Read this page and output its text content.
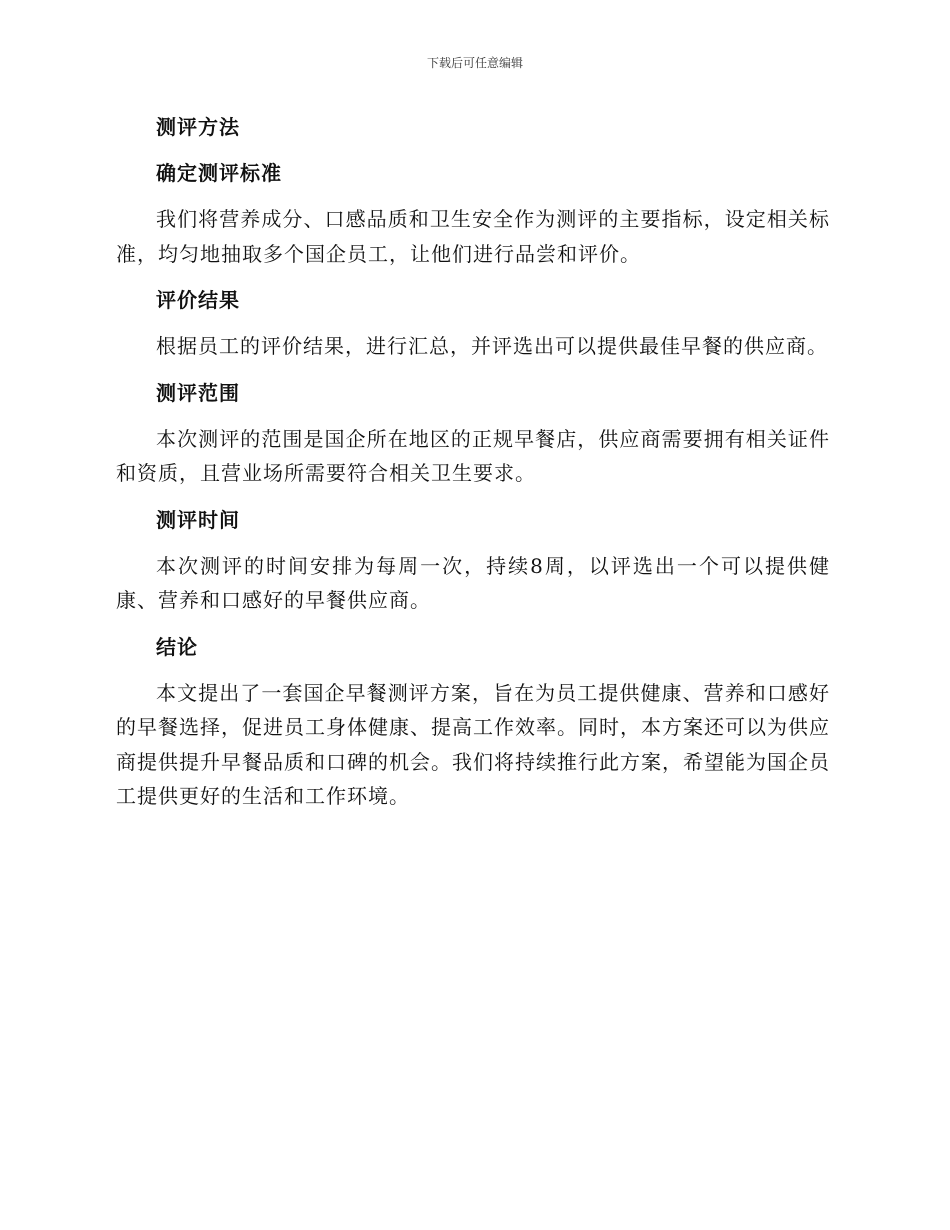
下载后可任意编辑
测评方法
确定测评标准

我们将营养成分、口感品质和卫生安全作为测评的主要指标，设定相关标准，均匀地抽取多个国企员工，让他们进行品尝和评价。

评价结果

根据员工的评价结果，进行汇总，并评选出可以提供最佳早餐的供应商。

测评范围

本次测评的范围是国企所在地区的正规早餐店，供应商需要拥有相关证件和资质，且营业场所需要符合相关卫生要求。

测评时间

本次测评的时间安排为每周一次，持续8周，以评选出一个可以提供健康、营养和口感好的早餐供应商。

结论

本文提出了一套国企早餐测评方案，旨在为员工提供健康、营养和口感好的早餐选择，促进员工身体健康、提高工作效率。同时，本方案还可以为供应商提供提升早餐品质和口碑的机会。我们将持续推行此方案，希望能为国企员工提供更好的生活和工作环境。
